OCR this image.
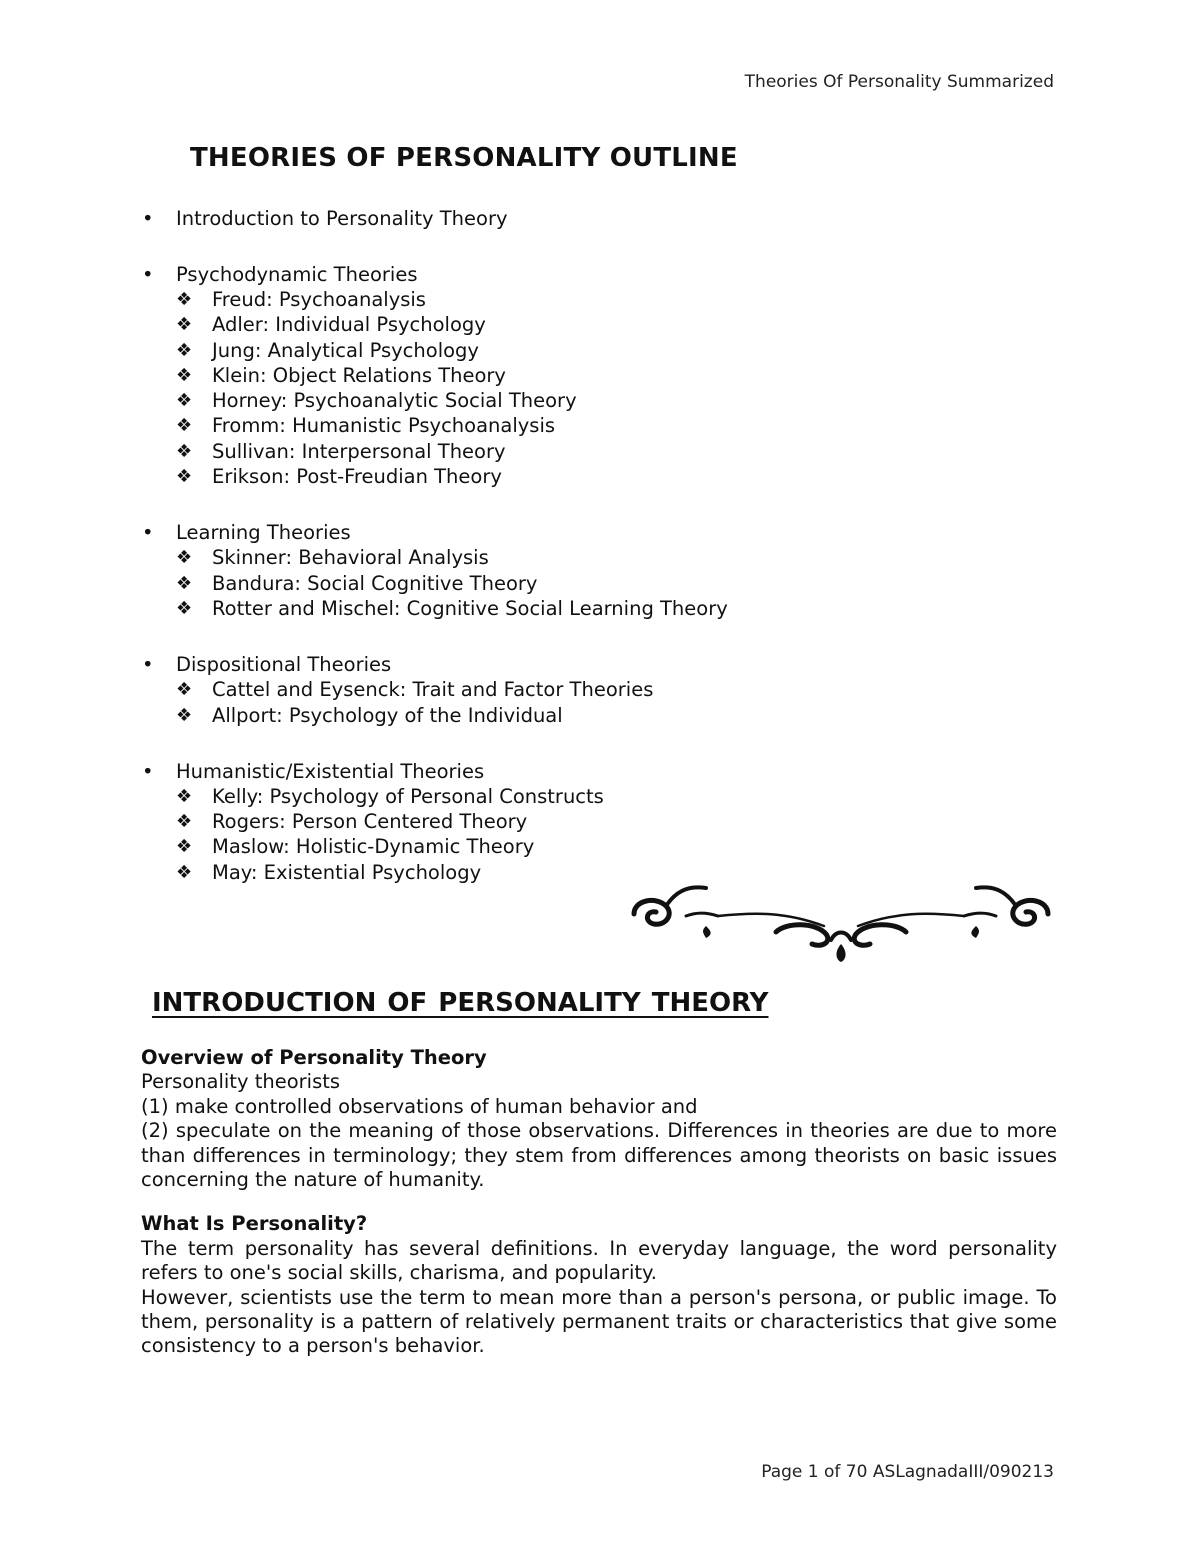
Theories Of Personality Summarized
THEORIES OF PERSONALITY OUTLINE
•	Introduction to Personality Theory
•	Psychodynamic Theories
❖	Freud: Psychoanalysis
❖	Adler: Individual Psychology
❖	Jung: Analytical Psychology
❖	Klein: Object Relations Theory
❖	Horney: Psychoanalytic Social Theory
❖	Fromm: Humanistic Psychoanalysis
❖	Sullivan: Interpersonal Theory
❖	Erikson: Post-Freudian Theory
•	Learning Theories
❖	Skinner: Behavioral Analysis
❖	Bandura: Social Cognitive Theory
❖	Rotter and Mischel: Cognitive Social Learning Theory
•	Dispositional Theories
❖	Cattel and Eysenck: Trait and Factor Theories
❖	Allport: Psychology of the Individual
•	Humanistic/Existential Theories
❖	Kelly: Psychology of Personal Constructs
❖	Rogers: Person Centered Theory
❖	Maslow: Holistic-Dynamic Theory
❖	May: Existential Psychology
INTRODUCTION OF PERSONALITY THEORY

Overview of Personality Theory

Personality theorists

(1) make controlled observations of human behavior and

(2) speculate on the meaning of those observations. Differences in theories are due to more than differences in terminology; they stem from differences among theorists on basic issues concerning the nature of humanity.

What Is Personality?

The term personality has several definitions. In everyday language, the word personality refers to one's social skills, charisma, and popularity.

However, scientists use the term to mean more than a person's persona, or public image. To them, personality is a pattern of relatively permanent traits or characteristics that give some consistency to a person's behavior.

Page 1 of 70 ASLagnadaIII/090213
